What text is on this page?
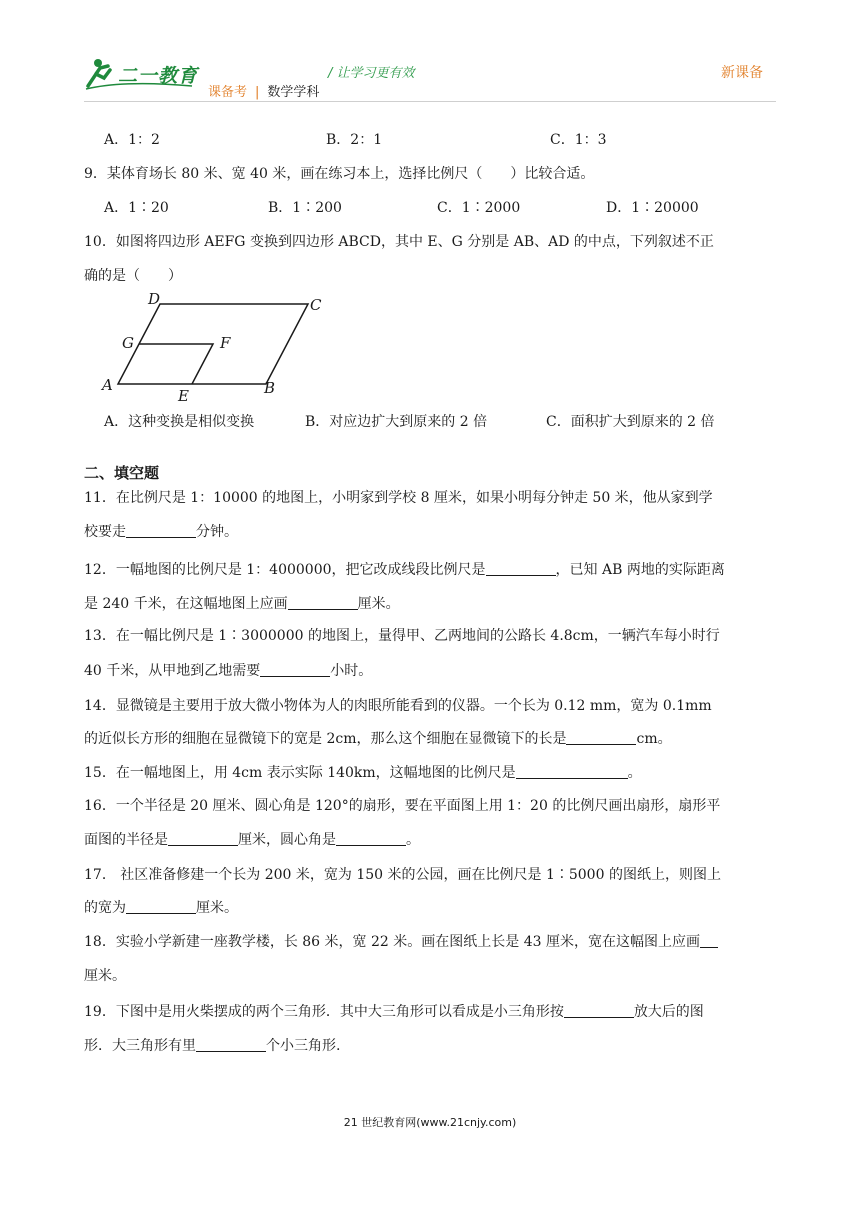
二一教育	/ 让学习更有效
课备考 | 数学学科
新课备
A．1：2	B．2：1	C．1：3
9．某体育场长 80 米、宽 40 米，画在练习本上，选择比例尺（　　）比较合适。
A．1∶20	B．1∶200	C．1∶2000	D．1∶20000
10．如图将四边形 AEFG 变换到四边形 ABCD，其中 E、G 分别是 AB、AD 的中点，下列叙述不正
确的是（　　）
D	C
G	F
A
E	B
A．这种变换是相似变换	B．对应边扩大到原来的 2 倍	C．面积扩大到原来的 2 倍
二、填空题
11．在比例尺是 1：10000 的地图上，小明家到学校 8 厘米，如果小明每分钟走 50 米，他从家到学
校要走	分钟。
12．一幅地图的比例尺是 1：4000000，把它改成线段比例尺是	，已知 AB 两地的实际距离
是 240 千米，在这幅地图上应画	厘米。
13．在一幅比例尺是 1∶3000000 的地图上，量得甲、乙两地间的公路长 4.8cm，一辆汽车每小时行
40 千米，从甲地到乙地需要	小时。
14．显微镜是主要用于放大微小物体为人的肉眼所能看到的仪器。一个长为 0.12 mm，宽为 0.1mm
的近似长方形的细胞在显微镜下的宽是 2cm，那么这个细胞在显微镜下的长是	cm。
15．在一幅地图上，用 4cm 表示实际 140km，这幅地图的比例尺是	。
16．一个半径是 20 厘米、圆心角是 120°的扇形，要在平面图上用 1：20 的比例尺画出扇形，扇形平
面图的半径是	厘米，圆心角是	。
17． 社区准备修建一个长为 200 米，宽为 150 米的公园，画在比例尺是 1∶5000 的图纸上，则图上
的宽为	厘米。
18．实验小学新建一座教学楼，长 86 米，宽 22 米。画在图纸上长是 43 厘米，宽在这幅图上应画
厘米。
19．下图中是用火柴摆成的两个三角形．其中大三角形可以看成是小三角形按	放大后的图
形．大三角形有里	个小三角形.
21 世纪教育网(www.21cnjy.com)
